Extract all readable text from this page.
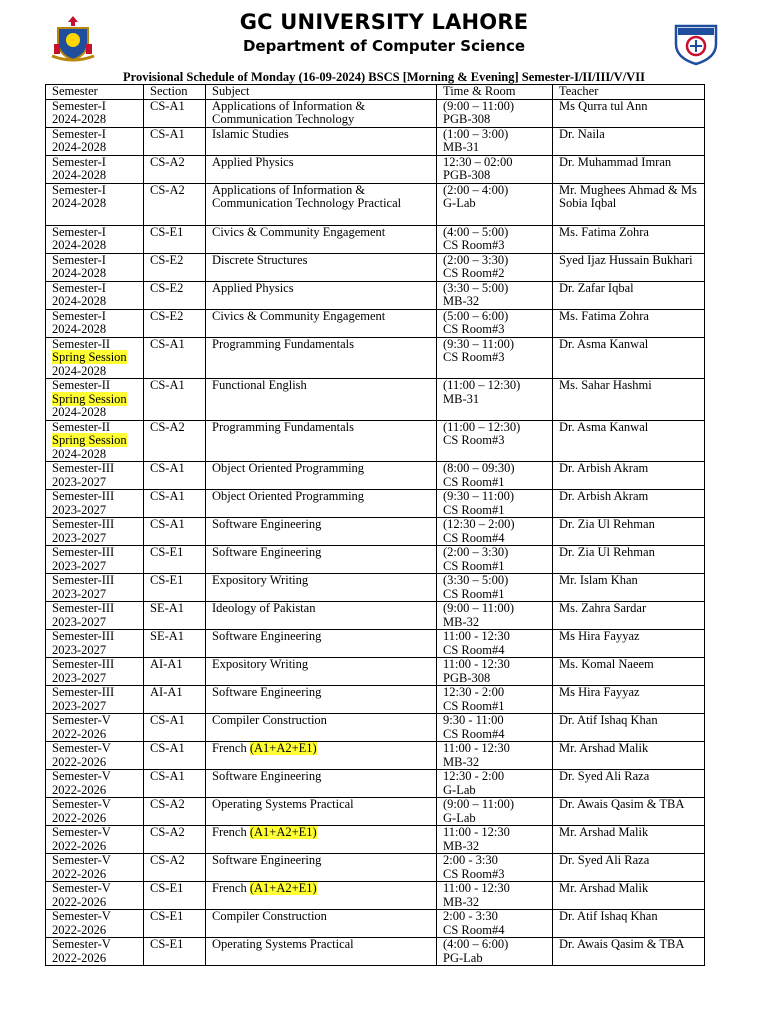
GC UNIVERSITY LAHORE
Department of Computer Science
Provisional Schedule of Monday (16-09-2024) BSCS [Morning & Evening] Semester-I/II/III/V/VII
Semester	Section	Subject	Time & Room	Teacher

Semester-I
2024-2028	CS-A1	Applications of Information & Communication Technology	(9:00 – 11:00)
PGB-308	Ms Qurra tul Ann

Semester-I
2024-2028	CS-A1	Islamic Studies	(1:00 – 3:00)
MB-31	Dr. Naila

Semester-I
2024-2028	CS-A2	Applied Physics	12:30 – 02:00
PGB-308	Dr. Muhammad Imran

Semester-I
2024-2028	CS-A2	Applications of Information & Communication Technology Practical	(2:00 – 4:00)
G-Lab	Mr. Mughees Ahmad & Ms Sobia Iqbal

Semester-I
2024-2028	CS-E1	Civics & Community Engagement	(4:00 – 5:00)
CS Room#3	Ms. Fatima Zohra

Semester-I
2024-2028	CS-E2	Discrete Structures	(2:00 – 3:30)
CS Room#2	Syed Ijaz Hussain Bukhari

Semester-I
2024-2028	CS-E2	Applied Physics	(3:30 – 5:00)
MB-32	Dr. Zafar Iqbal

Semester-I
2024-2028	CS-E2	Civics & Community Engagement	(5:00 – 6:00)
CS Room#3	Ms. Fatima Zohra

Semester-II
Spring Session
2024-2028	CS-A1	Programming Fundamentals	(9:30 – 11:00)
CS Room#3	Dr. Asma Kanwal

Semester-II
Spring Session
2024-2028	CS-A1	Functional English	(11:00 – 12:30)
MB-31	Ms. Sahar Hashmi

Semester-II
Spring Session
2024-2028	CS-A2	Programming Fundamentals	(11:00 – 12:30)
CS Room#3	Dr. Asma Kanwal

Semester-III
2023-2027	CS-A1	Object Oriented Programming	(8:00 – 09:30)
CS Room#1	Dr. Arbish Akram

Semester-III
2023-2027	CS-A1	Object Oriented Programming	(9:30 – 11:00)
CS Room#1	Dr. Arbish Akram

Semester-III
2023-2027	CS-A1	Software Engineering	(12:30 – 2:00)
CS Room#4	Dr. Zia Ul Rehman

Semester-III
2023-2027	CS-E1	Software Engineering	(2:00 – 3:30)
CS Room#1	Dr. Zia Ul Rehman

Semester-III
2023-2027	CS-E1	Expository Writing	(3:30 – 5:00)
CS Room#1	Mr. Islam Khan

Semester-III
2023-2027	SE-A1	Ideology of Pakistan	(9:00 – 11:00)
MB-32	Ms. Zahra Sardar

Semester-III
2023-2027	SE-A1	Software Engineering	11:00 - 12:30
CS Room#4	Ms Hira Fayyaz

Semester-III
2023-2027	AI-A1	Expository Writing	11:00 - 12:30
PGB-308	Ms. Komal Naeem

Semester-III
2023-2027	AI-A1	Software Engineering	12:30 - 2:00
CS Room#1	Ms Hira Fayyaz

Semester-V
2022-2026	CS-A1	Compiler Construction	9:30 - 11:00
CS Room#4	Dr. Atif Ishaq Khan

Semester-V
2022-2026	CS-A1	French (A1+A2+E1)	11:00 - 12:30
MB-32	Mr. Arshad Malik

Semester-V
2022-2026	CS-A1	Software Engineering	12:30 - 2:00
G-Lab	Dr. Syed Ali Raza

Semester-V
2022-2026	CS-A2	Operating Systems Practical	(9:00 – 11:00)
G-Lab	Dr. Awais Qasim & TBA

Semester-V
2022-2026	CS-A2	French (A1+A2+E1)	11:00 - 12:30
MB-32	Mr. Arshad Malik

Semester-V
2022-2026	CS-A2	Software Engineering	2:00 - 3:30
CS Room#3	Dr. Syed Ali Raza

Semester-V
2022-2026	CS-E1	French (A1+A2+E1)	11:00 - 12:30
MB-32	Mr. Arshad Malik

Semester-V
2022-2026	CS-E1	Compiler Construction	2:00 - 3:30
CS Room#4	Dr. Atif Ishaq Khan

Semester-V
2022-2026	CS-E1	Operating Systems Practical	(4:00 – 6:00)
PG-Lab	Dr. Awais Qasim & TBA
